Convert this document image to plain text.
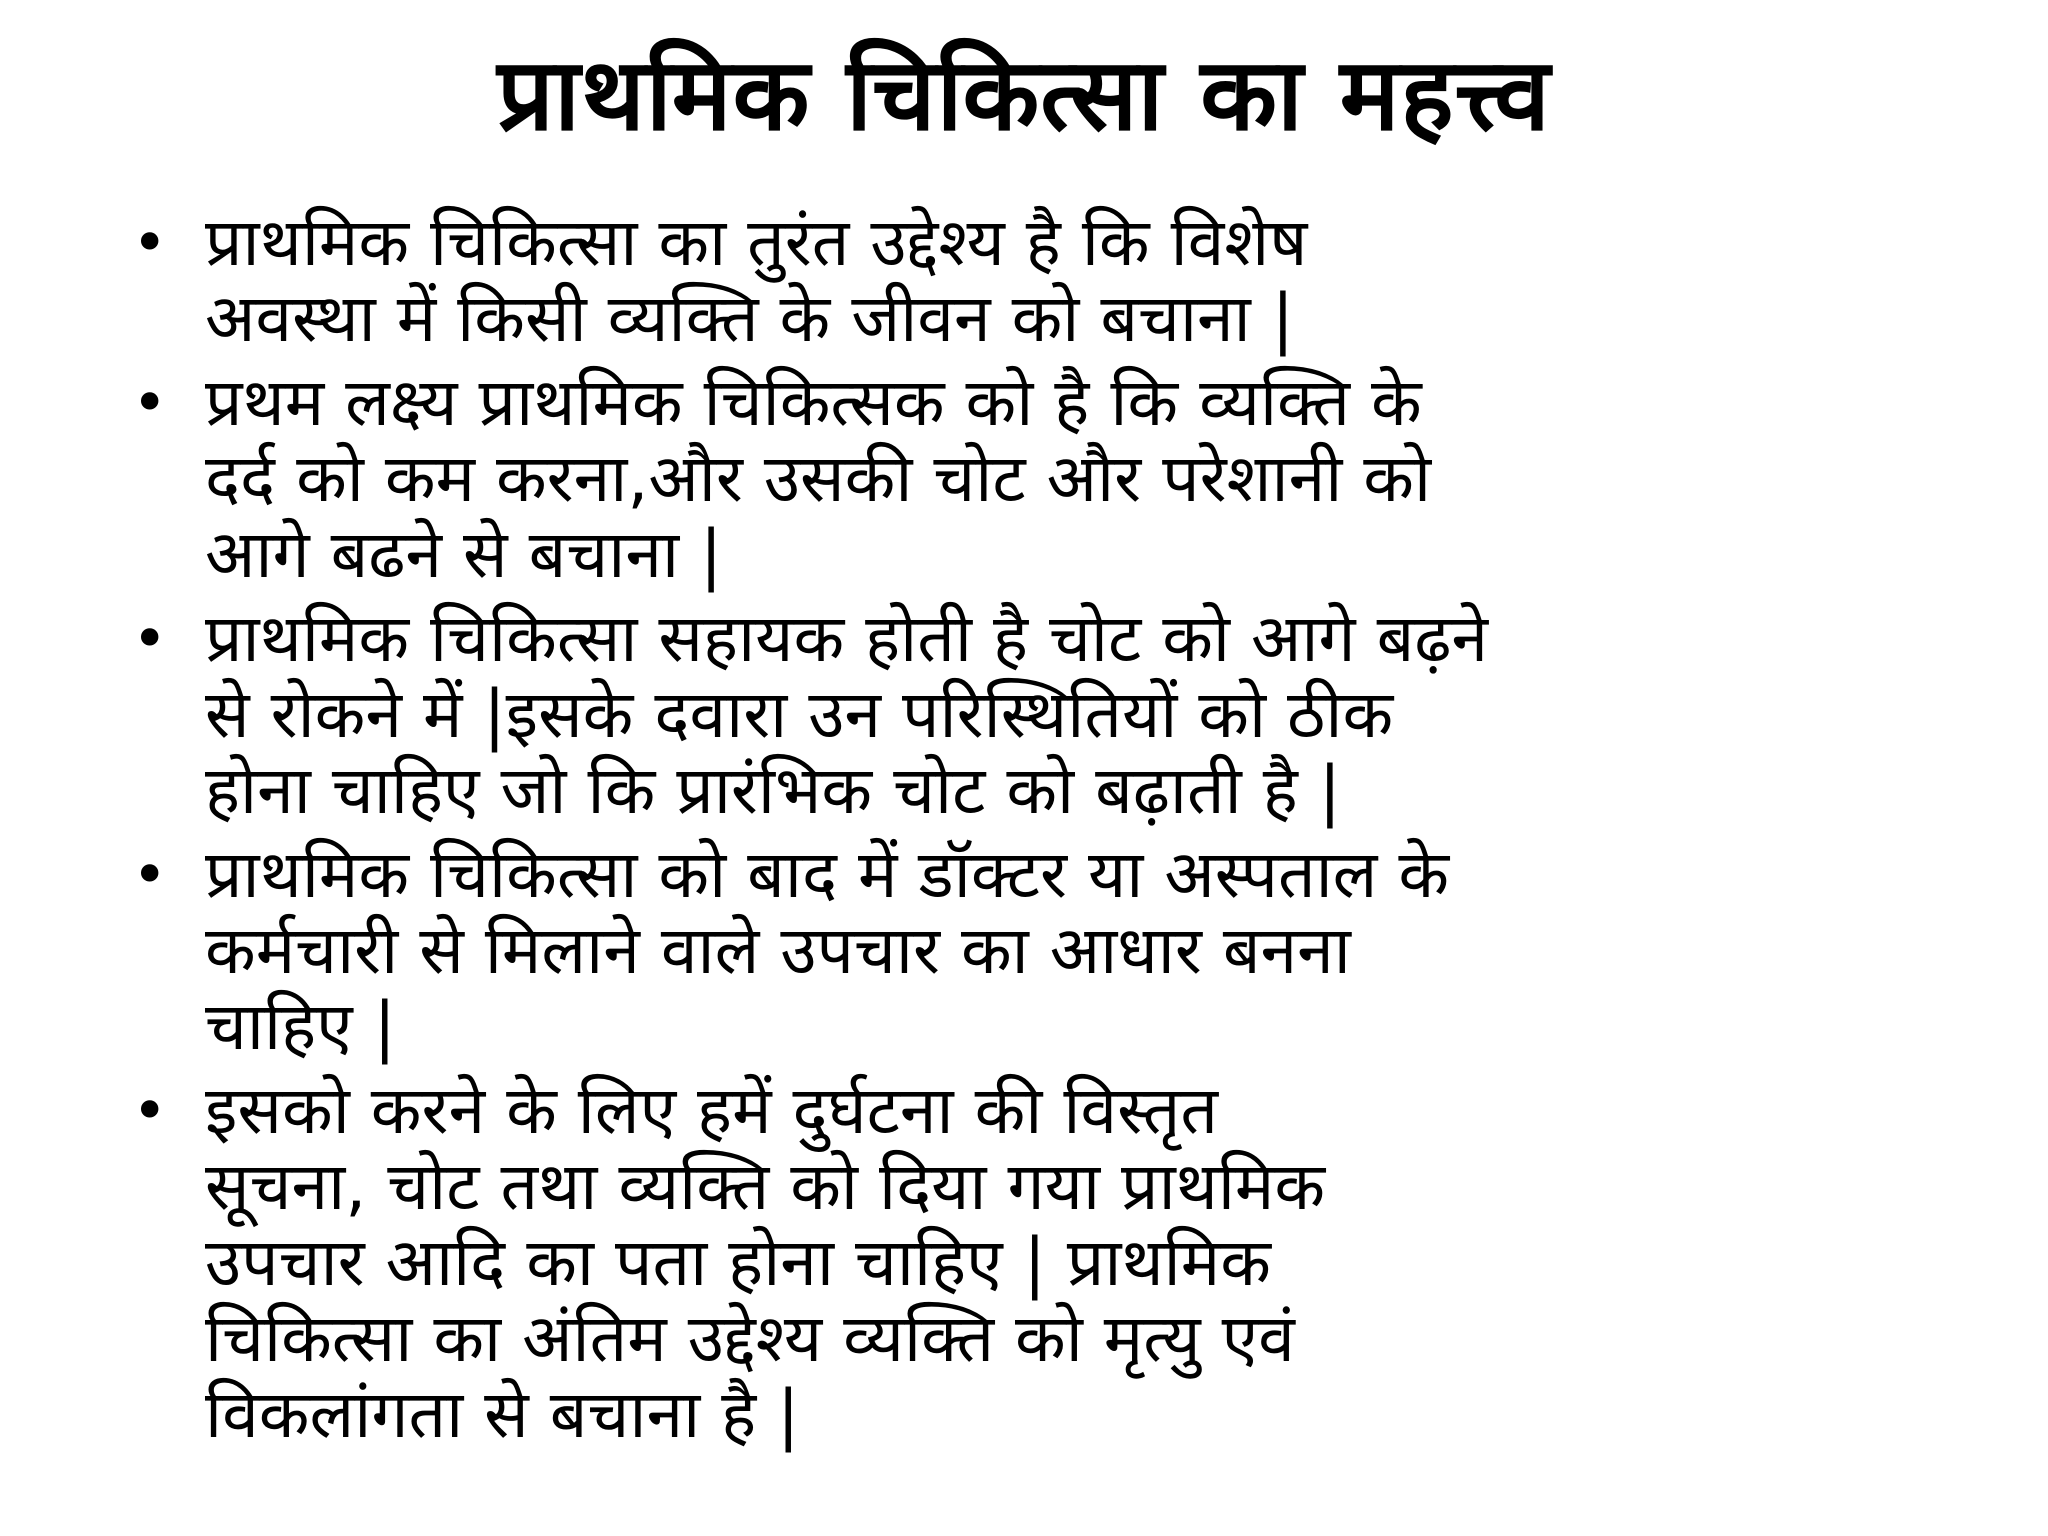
प्राथमिक चिकित्सा का महत्त्व
• प्राथमिक चिकित्सा का तुरंत उद्देश्य है कि विशेष
अवस्था में किसी व्यक्ति के जीवन को बचाना |
• प्रथम लक्ष्य प्राथमिक चिकित्सक को है कि व्यक्ति के
दर्द को कम करना,और उसकी चोट और परेशानी को
आगे बढने से बचाना |
• प्राथमिक चिकित्सा सहायक होती है चोट को आगे बढ़ने
से रोकने में |इसके दवारा उन परिस्थितियों को ठीक
होना चाहिए जो कि प्रारंभिक चोट को बढ़ाती है |
• प्राथमिक चिकित्सा को बाद में डॉक्टर या अस्पताल के
कर्मचारी से मिलाने वाले उपचार का आधार बनना
चाहिए |
• इसको करने के लिए हमें दुर्घटना की विस्तृत
सूचना, चोट तथा व्यक्ति को दिया गया प्राथमिक
उपचार आदि का पता होना चाहिए | प्राथमिक
चिकित्सा का अंतिम उद्देश्य व्यक्ति को मृत्यु एवं
विकलांगता से बचाना है |
